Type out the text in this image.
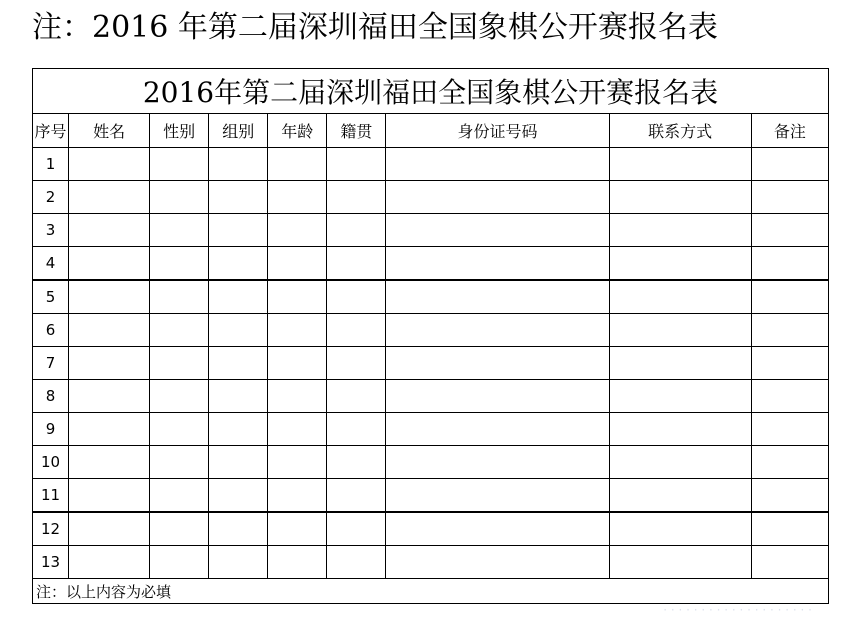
注：2016 年第二届深圳福田全国象棋公开赛报名表
2016年第二届深圳福田全国象棋公开赛报名表								
序号	姓名	性别	组别	年龄	籍贯	身份证号码	联系方式	备注
1								
2								
3								
4								
5								
6								
7								
8								
9								
10								
11								
12								
13								
注：以上内容为必填								
· · · · · · · · · · · · · · · · · · · ·
